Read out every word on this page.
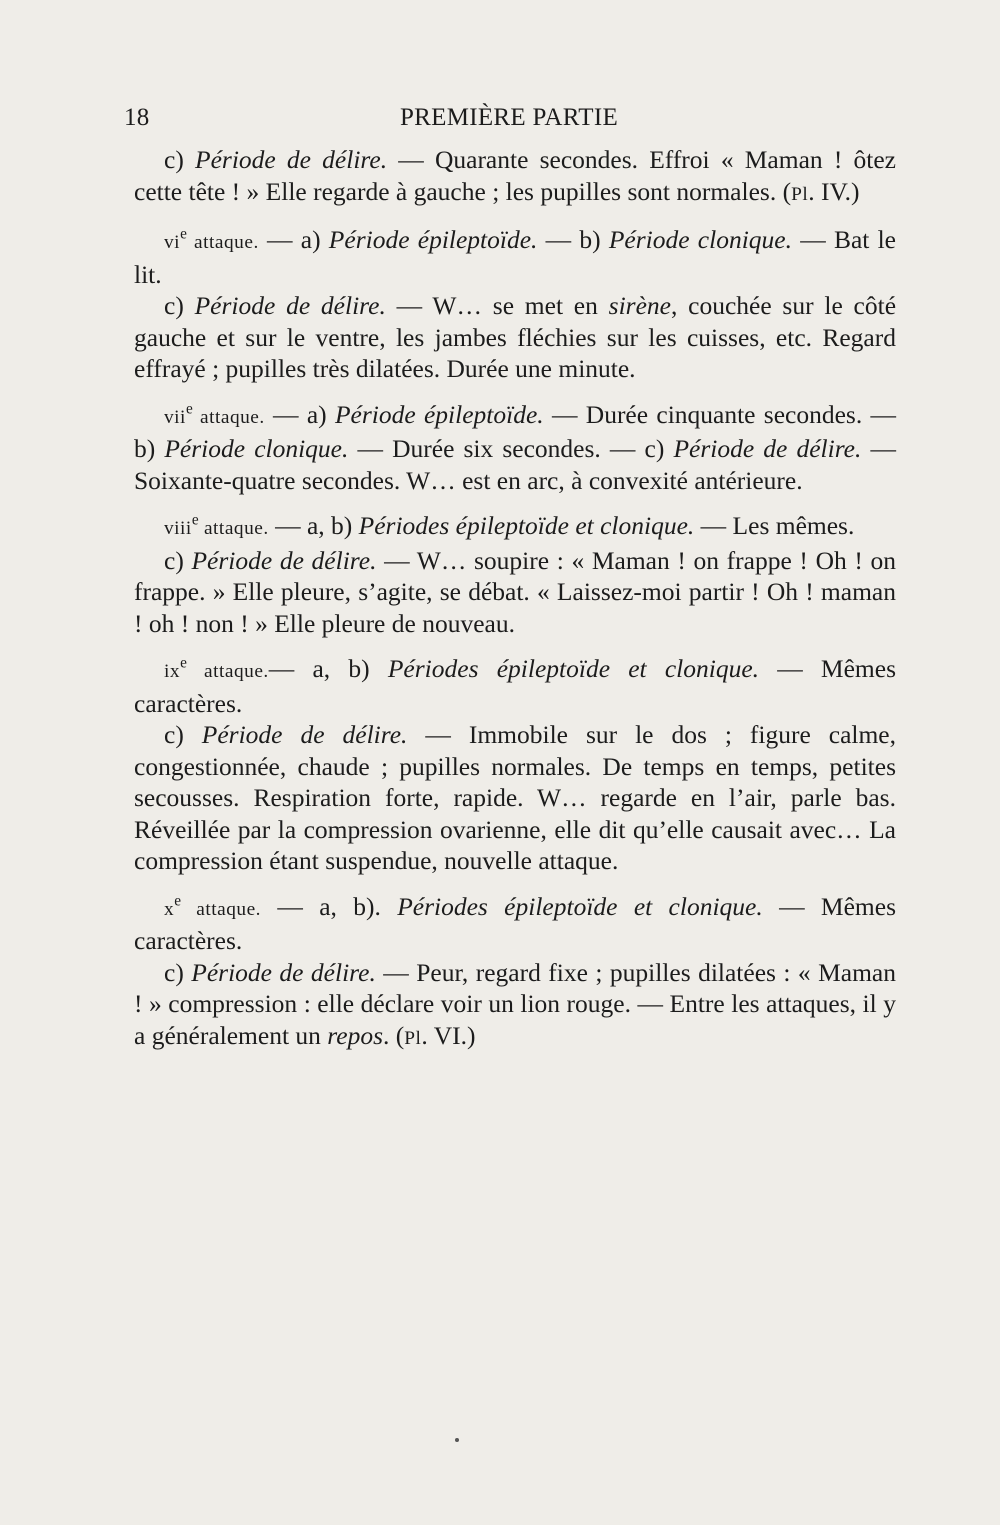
18	PREMIÈRE PARTIE

c) Période de délire. — Quarante secondes. Effroi « Maman ! ôtez cette tête ! » Elle regarde à gauche ; les pupilles sont normales. (Pl. IV.)

$vi^e$ attaque. — a) Période épileptoïde. — b) Période clonique. — Bat le lit.

c) Période de délire. — W… se met en sirène, couchée sur le côté gauche et sur le ventre, les jambes fléchies sur les cuisses, etc. Regard effrayé ; pupilles très dilatées. Durée une minute.

vii$^e$ attaque. — a) Période épileptoïde. — Durée cinquante secondes. — b) Période clonique. — Durée six secondes. — c) Période de délire. — Soixante-quatre secondes. W… est en arc, à convexité antérieure.

viii$^e$ attaque. — a, b) Périodes épileptoïde et clonique. — Les mêmes.

c) Période de délire. — W… soupire : « Maman ! on frappe ! Oh ! on frappe. » Elle pleure, s’agite, se débat. « Laissez-moi partir ! Oh ! maman ! oh ! non ! » Elle pleure de nouveau.

$ix^e$ attaque.— a, b) Périodes épileptoïde et clonique. — Mêmes caractères.

c) Période de délire. — Immobile sur le dos ; figure calme, congestionnée, chaude ; pupilles normales. De temps en temps, petites secousses. Respiration forte, rapide. W… regarde en l’air, parle bas. Réveillée par la compression ovarienne, elle dit qu’elle causait avec… La compression étant suspendue, nouvelle attaque.

$x^e$ attaque. — a, b). Périodes épileptoïde et clonique. — Mêmes caractères.

c) Période de délire. — Peur, regard fixe ; pupilles dilatées : « Maman ! » compression : elle déclare voir un lion rouge. — Entre les attaques, il y a généralement un repos. (Pl. VI.)
